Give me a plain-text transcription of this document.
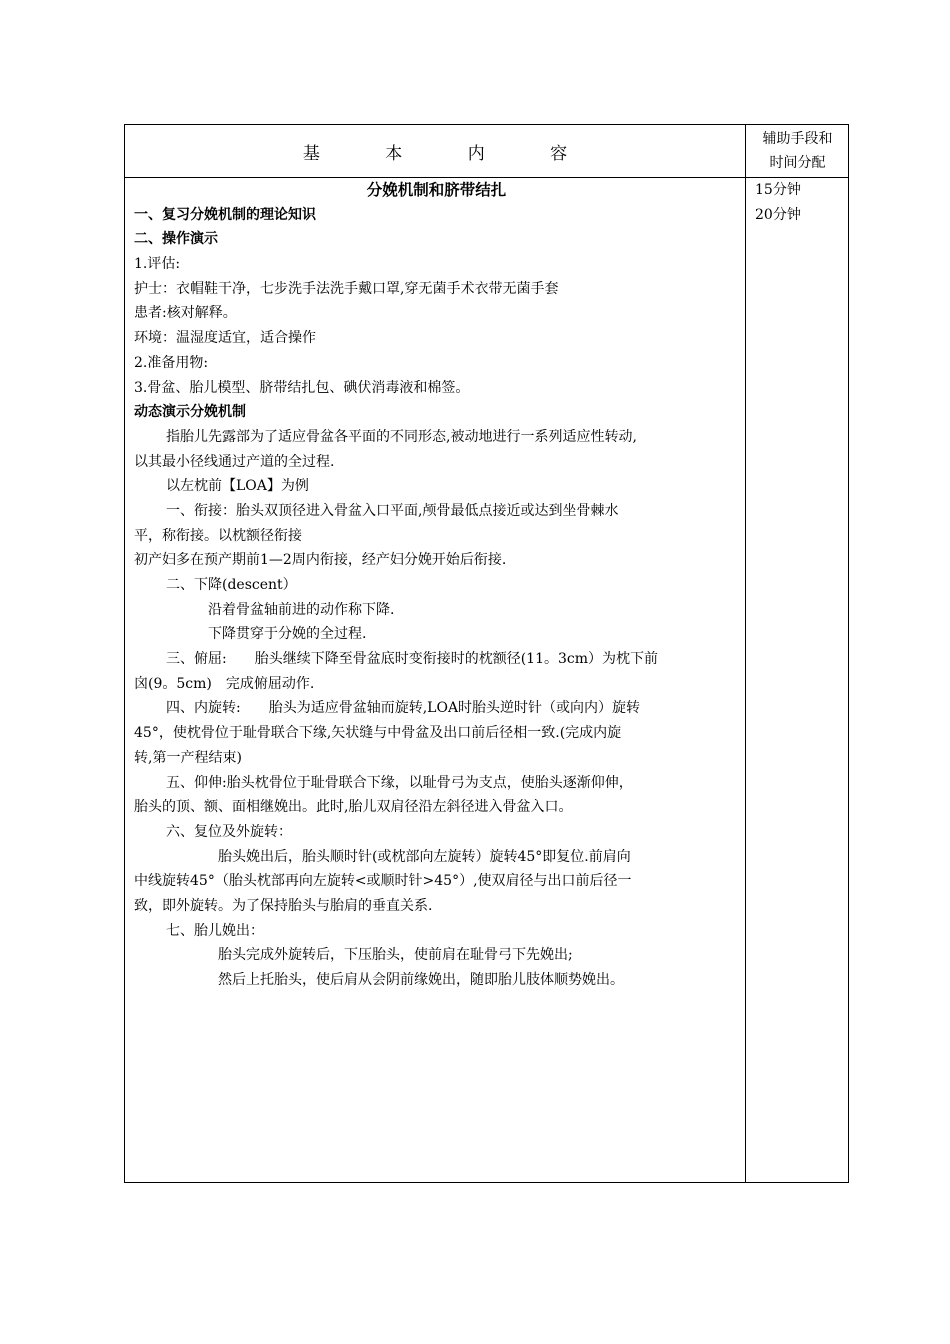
基 本 内 容
辅助手段和
时间分配
分娩机制和脐带结扎
一、复习分娩机制的理论知识
二、操作演示
1.评估:
护士：衣帽鞋干净，七步洗手法洗手戴口罩,穿无菌手术衣带无菌手套
患者:核对解释。
环境：温湿度适宜，适合操作
2.准备用物:
3.骨盆、胎儿模型、脐带结扎包、碘伏消毒液和棉签。
动态演示分娩机制
指胎儿先露部为了适应骨盆各平面的不同形态,被动地进行一系列适应性转动,
以其最小径线通过产道的全过程.
以左枕前【LOA】为例
一、衔接：胎头双顶径进入骨盆入口平面,颅骨最低点接近或达到坐骨棘水
平，称衔接。以枕额径衔接
初产妇多在预产期前1—2周内衔接，经产妇分娩开始后衔接.
二、下降(descent）
沿着骨盆轴前进的动作称下降.
下降贯穿于分娩的全过程.
三、俯屈:　　胎头继续下降至骨盆底时变衔接时的枕额径(11。3cm）为枕下前
囟(9。5cm)　完成俯屈动作.
四、内旋转:　　胎头为适应骨盆轴而旋转,LOA时胎头逆时针（或向内）旋转
45°，使枕骨位于耻骨联合下缘,矢状缝与中骨盆及出口前后径相一致.(完成内旋
转,第一产程结束)
五、仰伸:胎头枕骨位于耻骨联合下缘，以耻骨弓为支点，使胎头逐渐仰伸，
胎头的顶、额、面相继娩出。此时,胎儿双肩径沿左斜径进入骨盆入口。
六、复位及外旋转：
胎头娩出后，胎头顺时针(或枕部向左旋转）旋转45°即复位.前肩向
中线旋转45°（胎头枕部再向左旋转<或顺时针>45°）,使双肩径与出口前后径一
致，即外旋转。为了保持胎头与胎肩的垂直关系.
七、胎儿娩出：
胎头完成外旋转后，下压胎头，使前肩在耻骨弓下先娩出;
然后上托胎头，使后肩从会阴前缘娩出，随即胎儿肢体顺势娩出。
15分钟
20分钟
